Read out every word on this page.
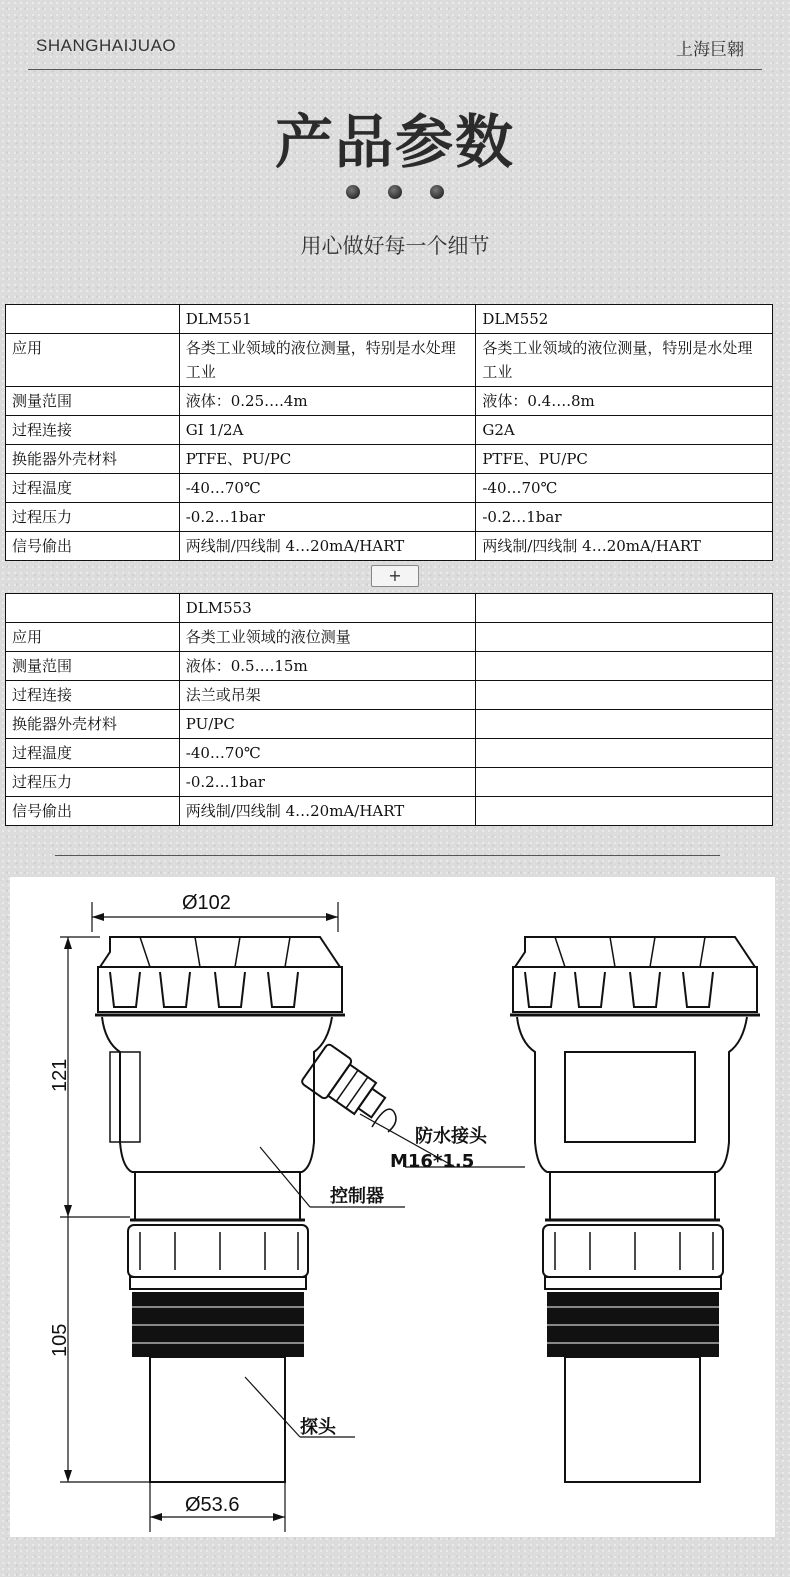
SHANGHAIJUAO	上海巨翱
产品参数
用心做好每一个细节
	DLM551	DLM552
应用	各类工业领域的液位测量，特别是水处理工业	各类工业领域的液位测量，特别是水处理工业
测量范围	液体：0.25….4m	液体：0.4….8m
过程连接	GI 1/2A	G2A
换能器外壳材料	PTFE、PU/PC	PTFE、PU/PC
过程温度	-40…70℃	-40…70℃
过程压力	-0.2…1bar	-0.2…1bar
信号偷出	两线制/四线制 4…20mA/HART	两线制/四线制 4…20mA/HART
+
	DLM553	
应用	各类工业领域的液位测量	
测量范围	液体：0.5….15m	
过程连接	法兰或吊架	
换能器外壳材料	PU/PC	
过程温度	-40…70℃	
过程压力	-0.2…1bar	
信号偷出	两线制/四线制 4…20mA/HART	
Ø102
121
105
防水接头
M16*1.5
控制器
探头
Ø53.6
